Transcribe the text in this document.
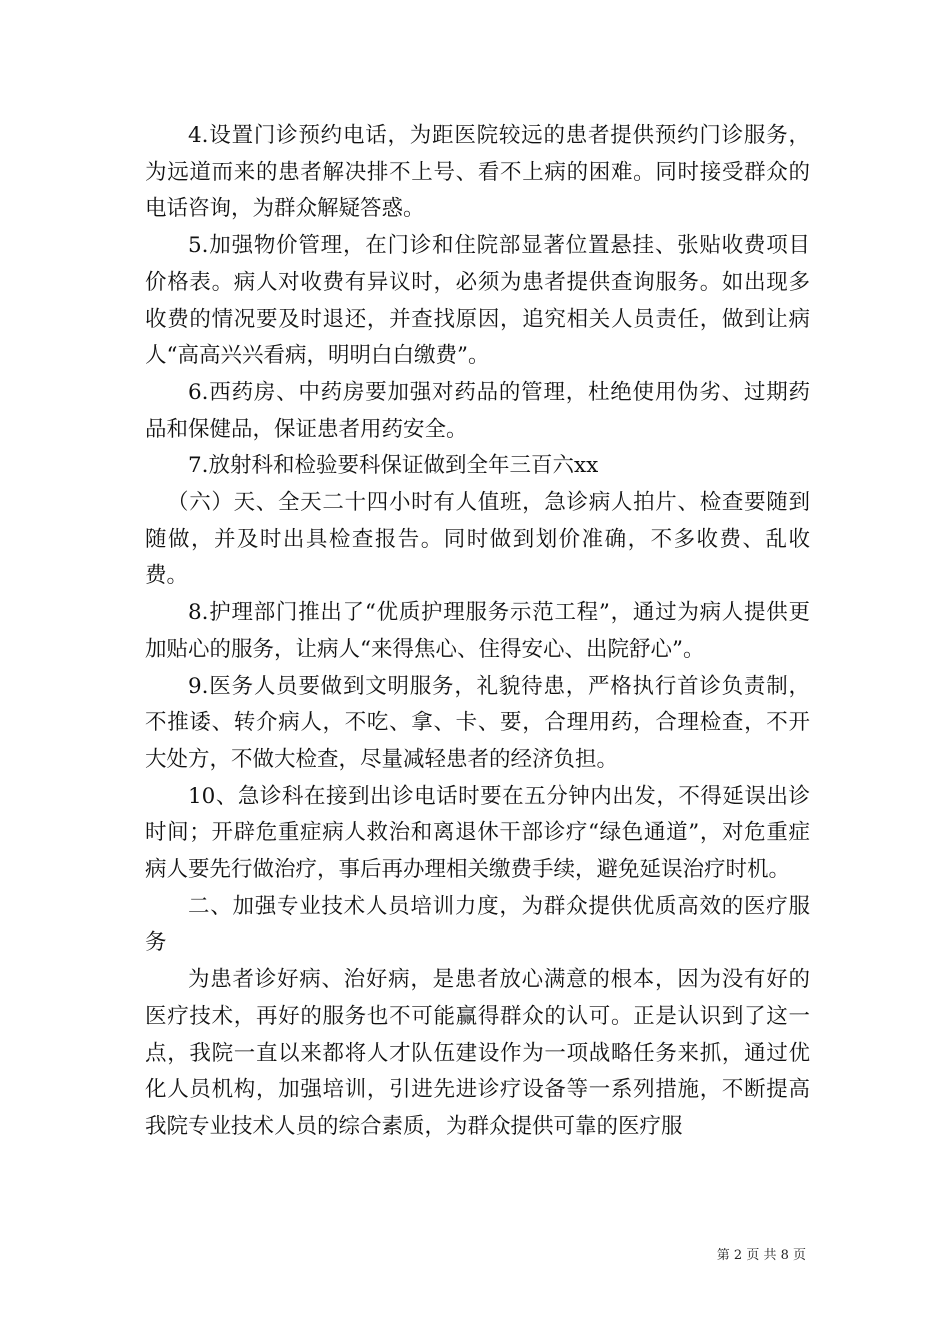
4.设置门诊预约电话，为距医院较远的患者提供预约门诊服务，为远道而来的患者解决排不上号、看不上病的困难。同时接受群众的电话咨询，为群众解疑答惑。

5.加强物价管理，在门诊和住院部显著位置悬挂、张贴收费项目价格表。病人对收费有异议时，必须为患者提供查询服务。如出现多收费的情况要及时退还，并查找原因，追究相关人员责任，做到让病人“高高兴兴看病，明明白白缴费”。

6.西药房、中药房要加强对药品的管理，杜绝使用伪劣、过期药品和保健品，保证患者用药安全。

7.放射科和检验要科保证做到全年三百六xx

（六）天、全天二十四小时有人值班，急诊病人拍片、检查要随到随做，并及时出具检查报告。同时做到划价准确，不多收费、乱收费。

8.护理部门推出了“优质护理服务示范工程”，通过为病人提供更加贴心的服务，让病人“来得焦心、住得安心、出院舒心”。

9.医务人员要做到文明服务，礼貌待患，严格执行首诊负责制，不推诿、转介病人，不吃、拿、卡、要，合理用药，合理检查，不开大处方，不做大检查，尽量减轻患者的经济负担。

10、急诊科在接到出诊电话时要在五分钟内出发，不得延误出诊时间；开辟危重症病人救治和离退休干部诊疗“绿色通道”，对危重症病人要先行做治疗，事后再办理相关缴费手续，避免延误治疗时机。

二、加强专业技术人员培训力度，为群众提供优质高效的医疗服务

为患者诊好病、治好病，是患者放心满意的根本，因为没有好的医疗技术，再好的服务也不可能赢得群众的认可。正是认识到了这一点，我院一直以来都将人才队伍建设作为一项战略任务来抓，通过优化人员机构，加强培训，引进先进诊疗设备等一系列措施，不断提高我院专业技术人员的综合素质，为群众提供可靠的医疗服

第 2 页 共 8 页
